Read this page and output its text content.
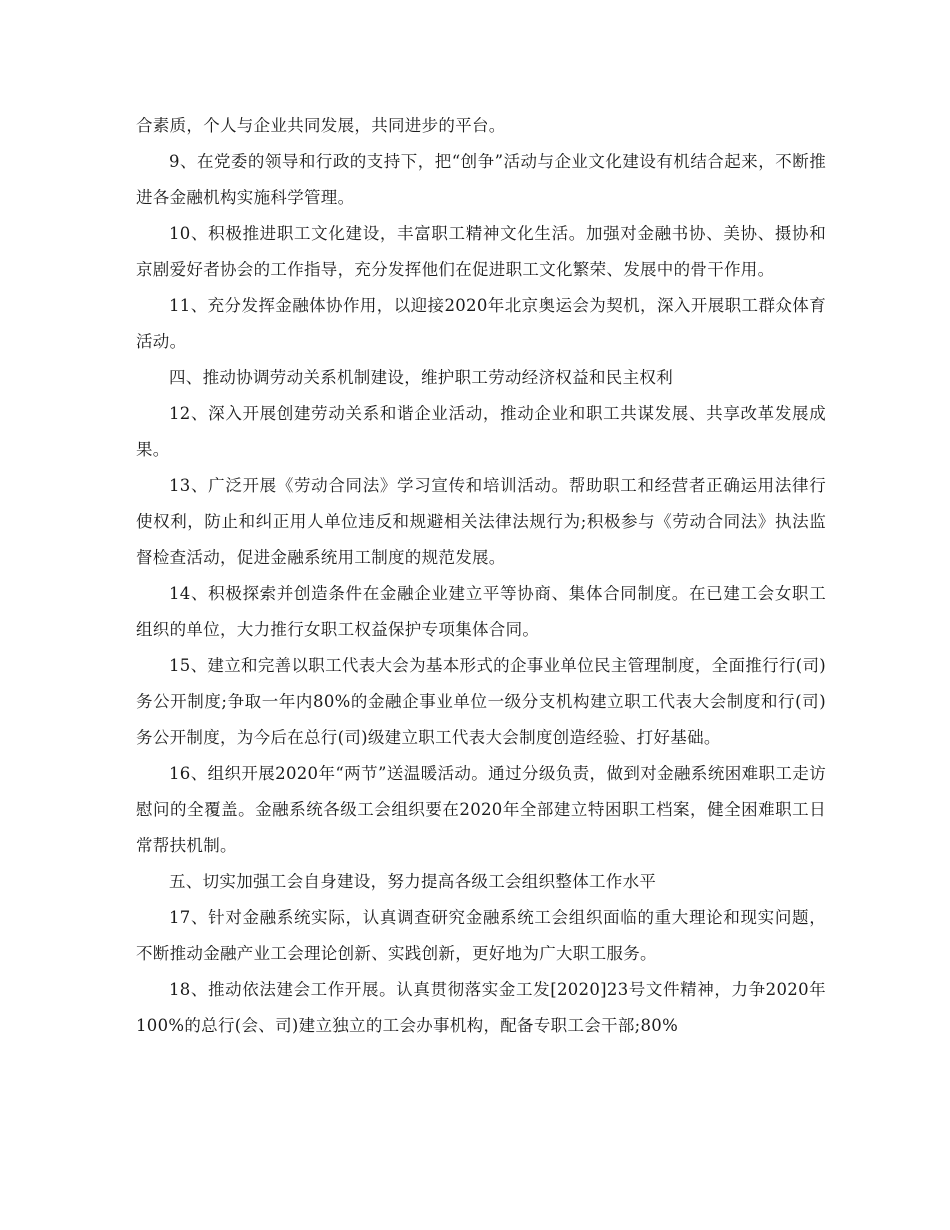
合素质，个人与企业共同发展，共同进步的平台。

9、在党委的领导和行政的支持下，把“创争”活动与企业文化建设有机结合起来，不断推进各金融机构实施科学管理。

10、积极推进职工文化建设，丰富职工精神文化生活。加强对金融书协、美协、摄协和京剧爱好者协会的工作指导，充分发挥他们在促进职工文化繁荣、发展中的骨干作用。

11、充分发挥金融体协作用，以迎接2020年北京奥运会为契机，深入开展职工群众体育活动。

四、推动协调劳动关系机制建设，维护职工劳动经济权益和民主权利

12、深入开展创建劳动关系和谐企业活动，推动企业和职工共谋发展、共享改革发展成果。

13、广泛开展《劳动合同法》学习宣传和培训活动。帮助职工和经营者正确运用法律行使权利，防止和纠正用人单位违反和规避相关法律法规行为;积极参与《劳动合同法》执法监督检查活动，促进金融系统用工制度的规范发展。

14、积极探索并创造条件在金融企业建立平等协商、集体合同制度。在已建工会女职工组织的单位，大力推行女职工权益保护专项集体合同。

15、建立和完善以职工代表大会为基本形式的企事业单位民主管理制度，全面推行行(司)务公开制度;争取一年内80%的金融企事业单位一级分支机构建立职工代表大会制度和行(司)务公开制度，为今后在总行(司)级建立职工代表大会制度创造经验、打好基础。

16、组织开展2020年“两节”送温暖活动。通过分级负责，做到对金融系统困难职工走访慰问的全覆盖。金融系统各级工会组织要在2020年全部建立特困职工档案，健全困难职工日常帮扶机制。

五、切实加强工会自身建设，努力提高各级工会组织整体工作水平

17、针对金融系统实际，认真调查研究金融系统工会组织面临的重大理论和现实问题，不断推动金融产业工会理论创新、实践创新，更好地为广大职工服务。

18、推动依法建会工作开展。认真贯彻落实金工发[2020]23号文件精神，力争2020年100%的总行(会、司)建立独立的工会办事机构，配备专职工会干部;80%
